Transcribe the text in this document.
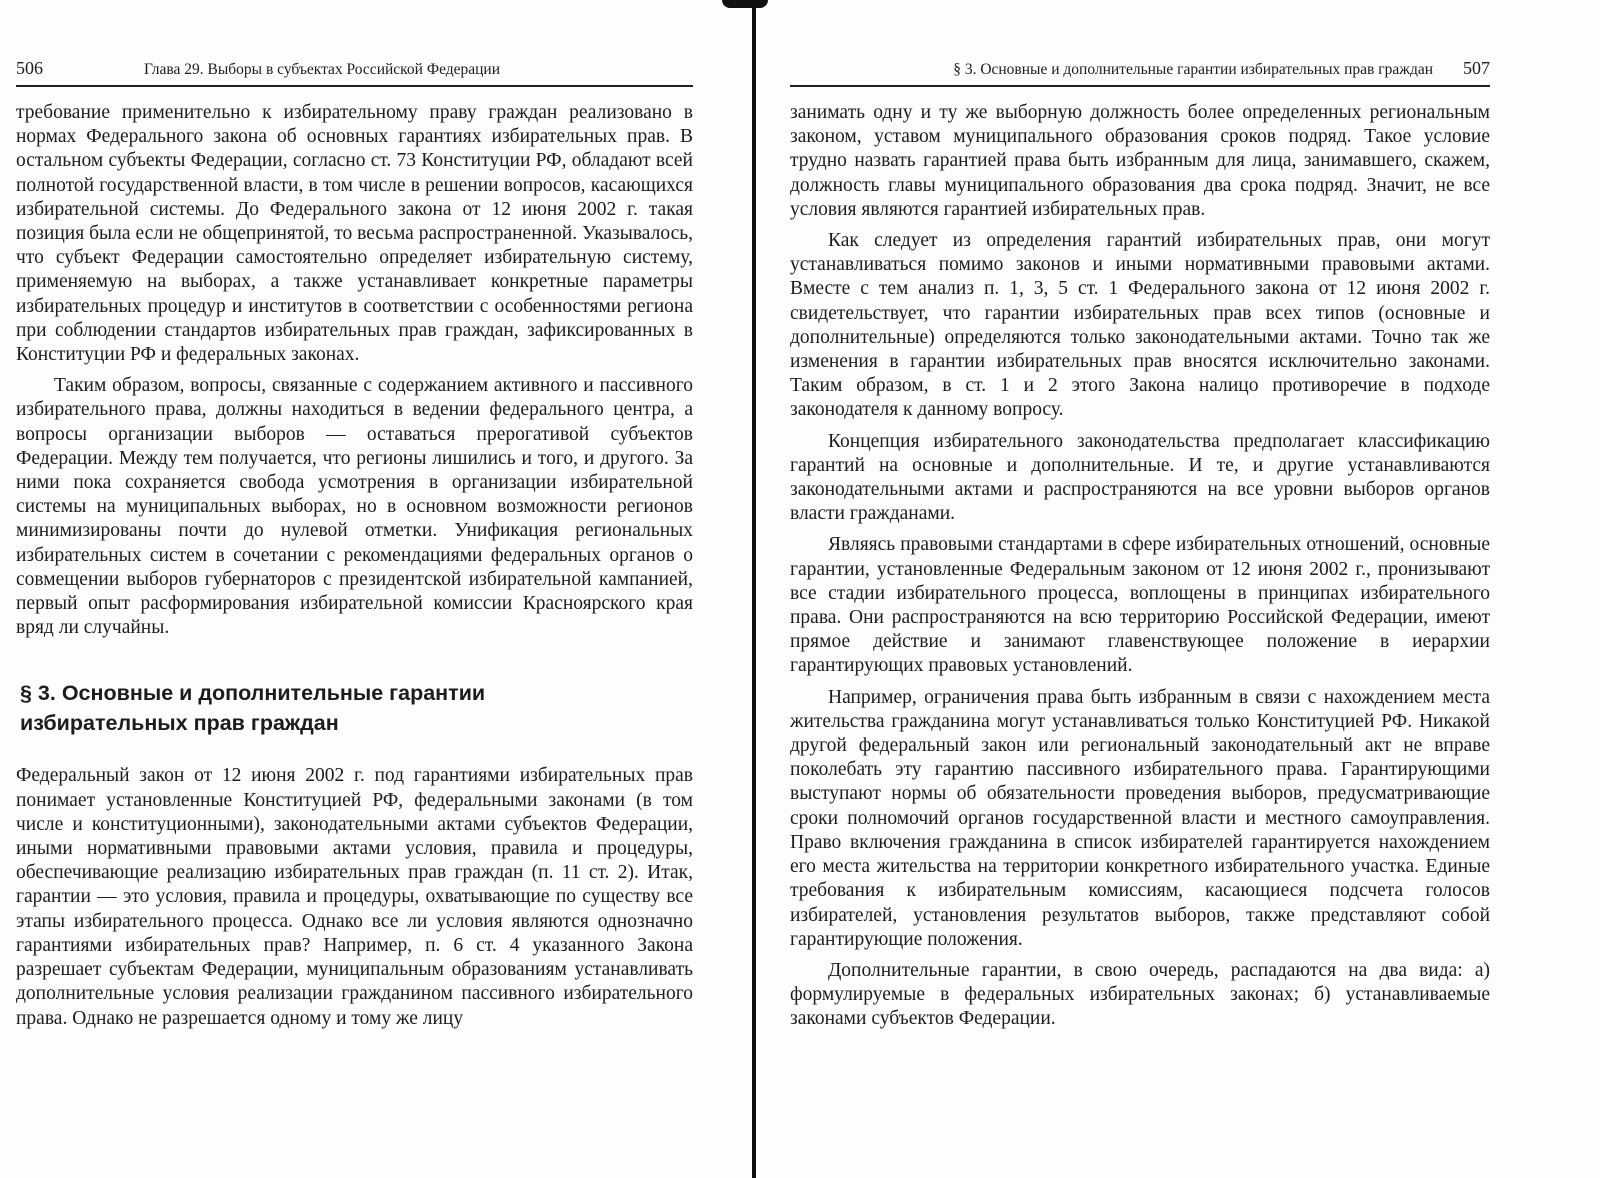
506	Глава 29. Выборы в субъектах Российской Федерации

требование применительно к избирательному праву граждан реализовано в нормах Федерального закона об основных гарантиях избирательных прав. В остальном субъекты Федерации, согласно ст. 73 Конституции РФ, обладают всей полнотой государственной власти, в том числе в решении вопросов, касающихся избирательной системы. До Федерального закона от 12 июня 2002 г. такая позиция была если не общепринятой, то весьма распространенной. Указывалось, что субъект Федерации самостоятельно определяет избирательную систему, применяемую на выборах, а также устанавливает конкретные параметры избирательных процедур и институтов в соответствии с особенностями региона при соблюдении стандартов избирательных прав граждан, зафиксированных в Конституции РФ и федеральных законах.

Таким образом, вопросы, связанные с содержанием активного и пассивного избирательного права, должны находиться в ведении федерального центра, а вопросы организации выборов — оставаться прерогативой субъектов Федерации. Между тем получается, что регионы лишились и того, и другого. За ними пока сохраняется свобода усмотрения в организации избирательной системы на муниципальных выборах, но в основном возможности регионов минимизированы почти до нулевой отметки. Унификация региональных избирательных систем в сочетании с рекомендациями федеральных органов о совмещении выборов губернаторов с президентской избирательной кампанией, первый опыт расформирования избирательной комиссии Красноярского края вряд ли случайны.

§ 3. Основные и дополнительные гарантии
избирательных прав граждан

Федеральный закон от 12 июня 2002 г. под гарантиями избирательных прав понимает установленные Конституцией РФ, федеральными законами (в том числе и конституционными), законодательными актами субъектов Федерации, иными нормативными правовыми актами условия, правила и процедуры, обеспечивающие реализацию избирательных прав граждан (п. 11 ст. 2). Итак, гарантии — это условия, правила и процедуры, охватывающие по существу все этапы избирательного процесса. Однако все ли условия являются однозначно гарантиями избирательных прав? Например, п. 6 ст. 4 указанного Закона разрешает субъектам Федерации, муниципальным образованиям устанавливать дополнительные условия реализации гражданином пассивного избирательного права. Однако не разрешается одному и тому же лицу

§ 3. Основные и дополнительные гарантии избирательных прав граждан 507

занимать одну и ту же выборную должность более определенных региональным законом, уставом муниципального образования сроков подряд. Такое условие трудно назвать гарантией права быть избранным для лица, занимавшего, скажем, должность главы муниципального образования два срока подряд. Значит, не все условия являются гарантией избирательных прав.

Как следует из определения гарантий избирательных прав, они могут устанавливаться помимо законов и иными нормативными правовыми актами. Вместе с тем анализ п. 1, 3, 5 ст. 1 Федерального закона от 12 июня 2002 г. свидетельствует, что гарантии избирательных прав всех типов (основные и дополнительные) определяются только законодательными актами. Точно так же изменения в гарантии избирательных прав вносятся исключительно законами. Таким образом, в ст. 1 и 2 этого Закона налицо противоречие в подходе законодателя к данному вопросу.

Концепция избирательного законодательства предполагает классификацию гарантий на основные и дополнительные. И те, и другие устанавливаются законодательными актами и распространяются на все уровни выборов органов власти гражданами.

Являясь правовыми стандартами в сфере избирательных отношений, основные гарантии, установленные Федеральным законом от 12 июня 2002 г., пронизывают все стадии избирательного процесса, воплощены в принципах избирательного права. Они распространяются на всю территорию Российской Федерации, имеют прямое действие и занимают главенствующее положение в иерархии гарантирующих правовых установлений.

Например, ограничения права быть избранным в связи с нахождением места жительства гражданина могут устанавливаться только Конституцией РФ. Никакой другой федеральный закон или региональный законодательный акт не вправе поколебать эту гарантию пассивного избирательного права. Гарантирующими выступают нормы об обязательности проведения выборов, предусматривающие сроки полномочий органов государственной власти и местного самоуправления. Право включения гражданина в список избирателей гарантируется нахождением его места жительства на территории конкретного избирательного участка. Единые требования к избирательным комиссиям, касающиеся подсчета голосов избирателей, установления результатов выборов, также представляют собой гарантирующие положения.

Дополнительные гарантии, в свою очередь, распадаются на два вида: а) формулируемые в федеральных избирательных законах; б) устанавливаемые законами субъектов Федерации.
